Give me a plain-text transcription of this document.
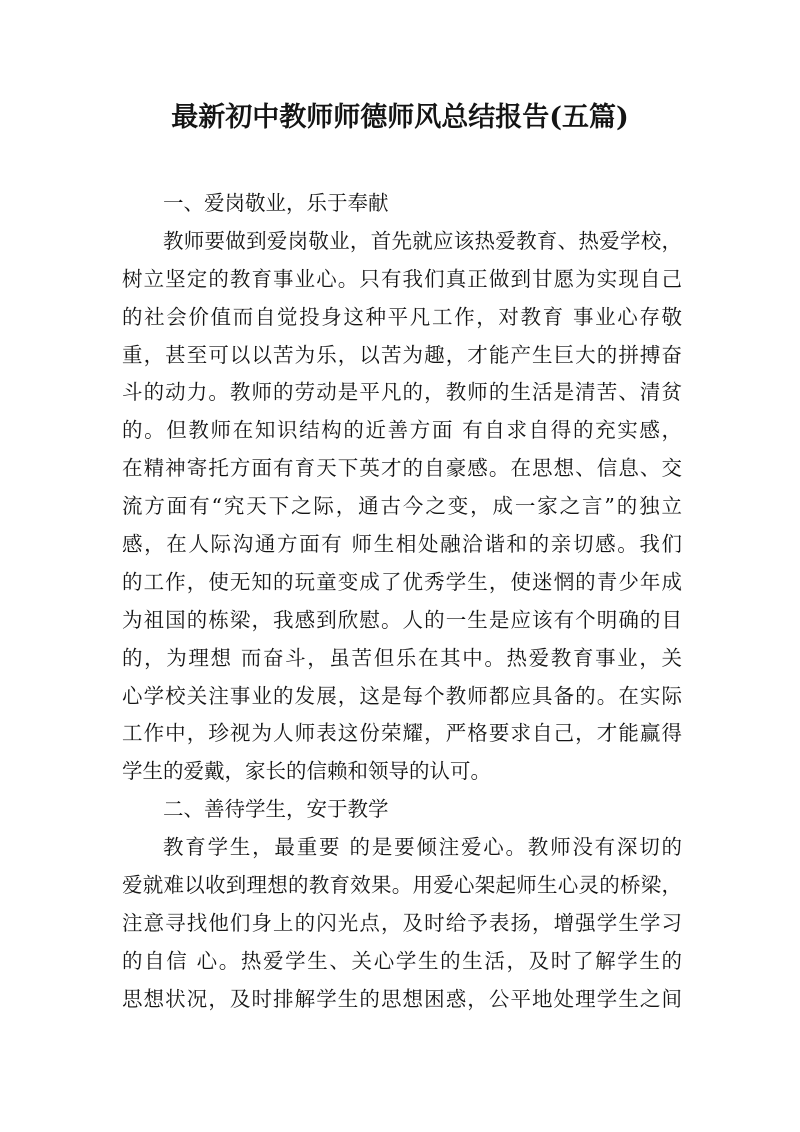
最新初中教师师德师风总结报告(五篇)
一、爱岗敬业，乐于奉献
教师要做到爱岗敬业，首先就应该热爱教育、热爱学校，
树立坚定的教育事业心。只有我们真正做到甘愿为实现自己
的社会价值而自觉投身这种平凡工作，对教育 事业心存敬
重，甚至可以以苦为乐，以苦为趣，才能产生巨大的拼搏奋
斗的动力。教师的劳动是平凡的，教师的生活是清苦、清贫
的。但教师在知识结构的近善方面 有自求自得的充实感，
在精神寄托方面有育天下英才的自豪感。在思想、信息、交
流方面有“究天下之际，通古今之变，成一家之言”的独立
感，在人际沟通方面有 师生相处融洽谐和的亲切感。我们
的工作，使无知的玩童变成了优秀学生，使迷惘的青少年成
为祖国的栋梁，我感到欣慰。人的一生是应该有个明确的目
的，为理想 而奋斗，虽苦但乐在其中。热爱教育事业，关
心学校关注事业的发展，这是每个教师都应具备的。在实际
工作中，珍视为人师表这份荣耀，严格要求自己，才能赢得
学生的爱戴，家长的信赖和领导的认可。
二、善待学生，安于教学
教育学生，最重要 的是要倾注爱心。教师没有深切的
爱就难以收到理想的教育效果。用爱心架起师生心灵的桥梁，
注意寻找他们身上的闪光点，及时给予表扬，增强学生学习
的自信 心。热爱学生、关心学生的生活，及时了解学生的
思想状况，及时排解学生的思想困惑，公平地处理学生之间
